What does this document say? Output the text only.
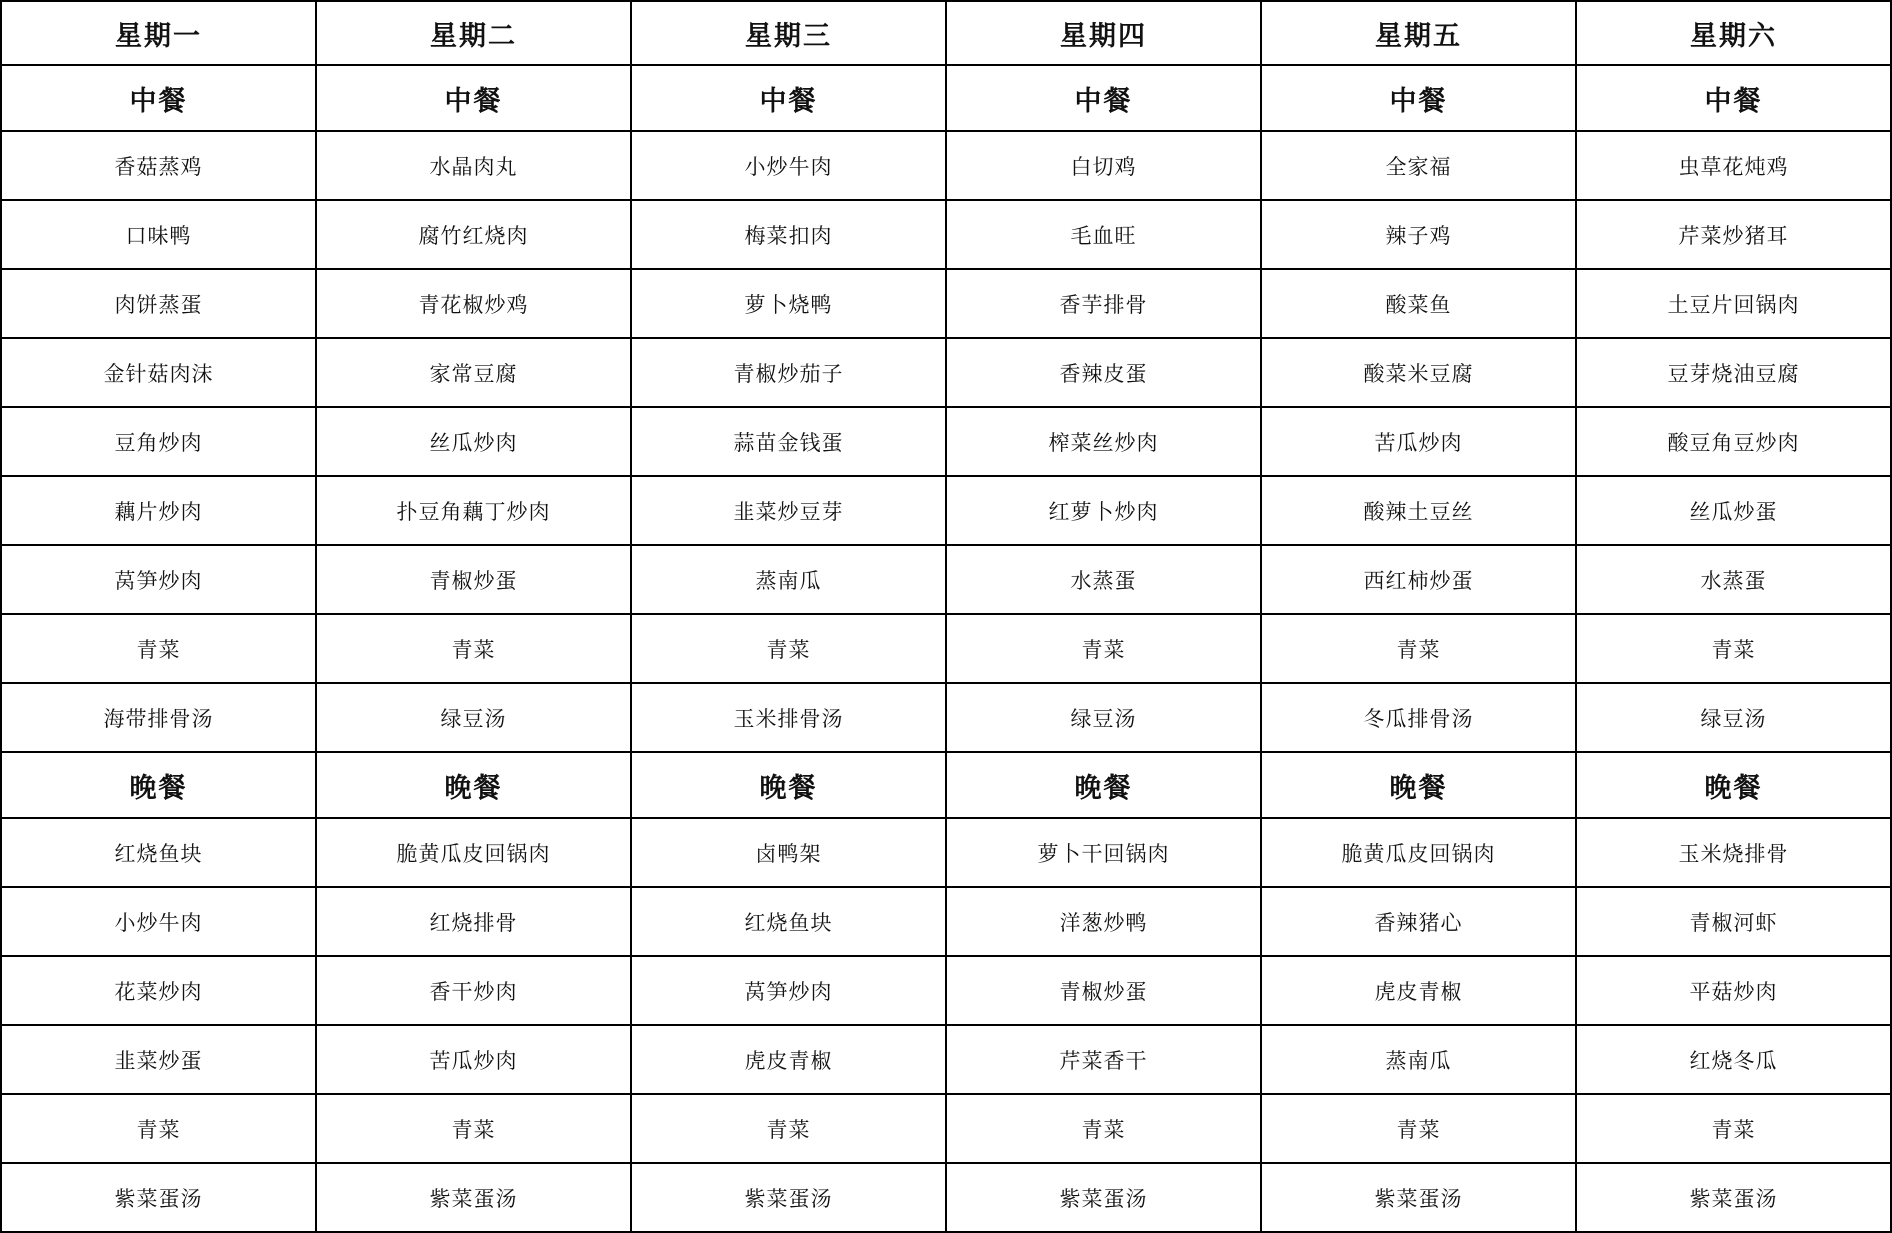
星期一	星期二	星期三	星期四	星期五	星期六
中餐	中餐	中餐	中餐	中餐	中餐
香菇蒸鸡	水晶肉丸	小炒牛肉	白切鸡	全家福	虫草花炖鸡
口味鸭	腐竹红烧肉	梅菜扣肉	毛血旺	辣子鸡	芹菜炒猪耳
肉饼蒸蛋	青花椒炒鸡	萝卜烧鸭	香芋排骨	酸菜鱼	土豆片回锅肉
金针菇肉沫	家常豆腐	青椒炒茄子	香辣皮蛋	酸菜米豆腐	豆芽烧油豆腐
豆角炒肉	丝瓜炒肉	蒜苗金钱蛋	榨菜丝炒肉	苦瓜炒肉	酸豆角豆炒肉
藕片炒肉	扑豆角藕丁炒肉	韭菜炒豆芽	红萝卜炒肉	酸辣土豆丝	丝瓜炒蛋
莴笋炒肉	青椒炒蛋	蒸南瓜	水蒸蛋	西红柿炒蛋	水蒸蛋
青菜	青菜	青菜	青菜	青菜	青菜
海带排骨汤	绿豆汤	玉米排骨汤	绿豆汤	冬瓜排骨汤	绿豆汤
晚餐	晚餐	晚餐	晚餐	晚餐	晚餐
红烧鱼块	脆黄瓜皮回锅肉	卤鸭架	萝卜干回锅肉	脆黄瓜皮回锅肉	玉米烧排骨
小炒牛肉	红烧排骨	红烧鱼块	洋葱炒鸭	香辣猪心	青椒河虾
花菜炒肉	香干炒肉	莴笋炒肉	青椒炒蛋	虎皮青椒	平菇炒肉
韭菜炒蛋	苦瓜炒肉	虎皮青椒	芹菜香干	蒸南瓜	红烧冬瓜
青菜	青菜	青菜	青菜	青菜	青菜
紫菜蛋汤	紫菜蛋汤	紫菜蛋汤	紫菜蛋汤	紫菜蛋汤	紫菜蛋汤
